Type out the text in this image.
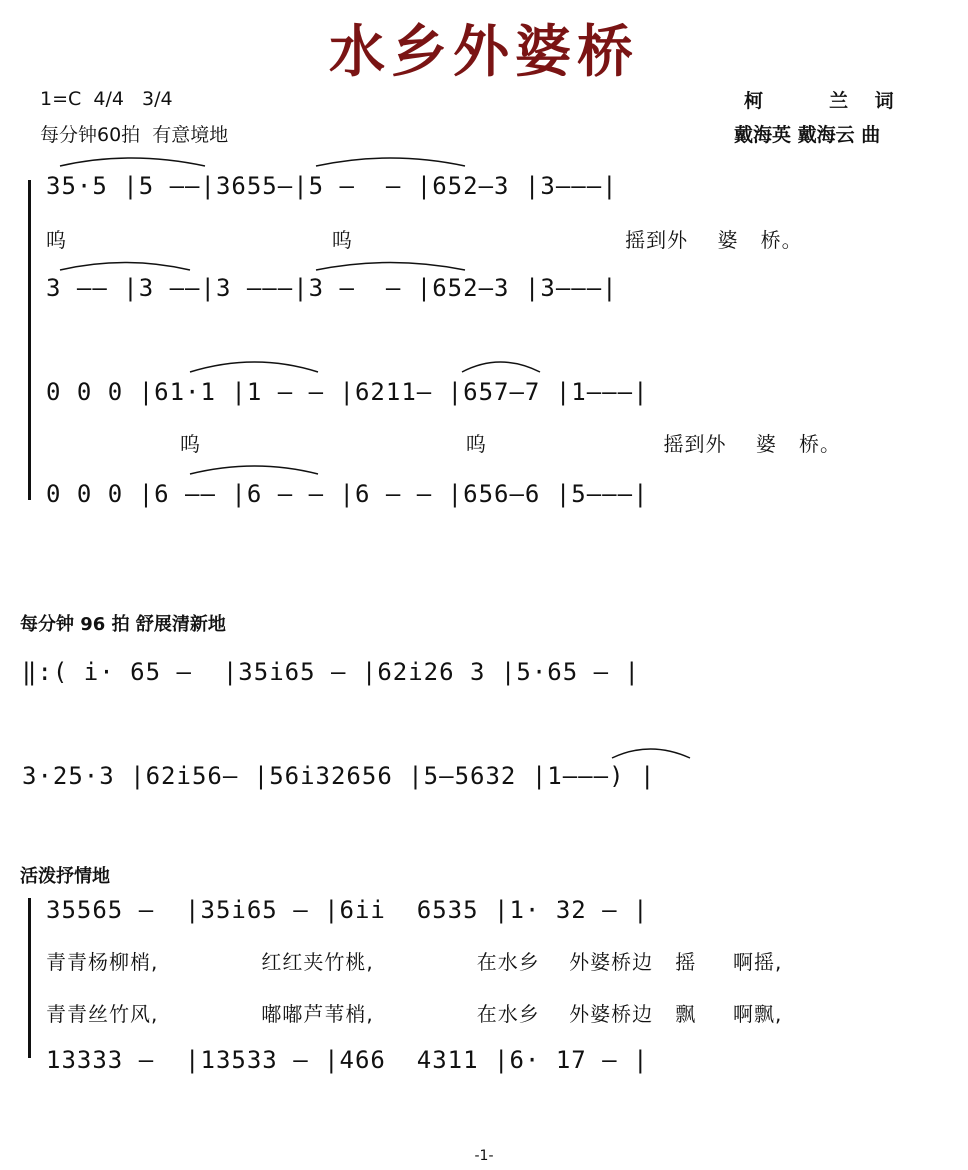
水乡外婆桥
1=C  4/4   3/4
每分钟60拍  有意境地
柯          兰    词
戴海英 戴海云 曲
35·5 |5 ——|3655—|5 —  — |652—3 |3———|
呜                                    呜                                     摇到外    婆   桥。
3 —— |3 ——|3 ———|3 —  — |652—3 |3———|
0 0 0 |61·1 |1 — — |6211— |657—7 |1———|
呜                                    呜                        摇到外    婆   桥。
0 0 0 |6 —— |6 — — |6 — — |656—6 |5———|
每分钟 96 拍 舒展清新地
‖:( i· 65 —  |35i65 — |62i26 3 |5·65 — |
3·25·3 |62i56— |56i32656 |5—5632 |1———) |
活泼抒情地
35565 —  |35i65 — |6ii  6535 |1· 32 — |
青青杨柳梢,              红红夹竹桃,              在水乡    外婆桥边   摇     啊摇,
青青丝竹风,              嘟嘟芦苇梢,              在水乡    外婆桥边   飘     啊飘,
13333 —  |13533 — |466  4311 |6· 17 — |
-1-
